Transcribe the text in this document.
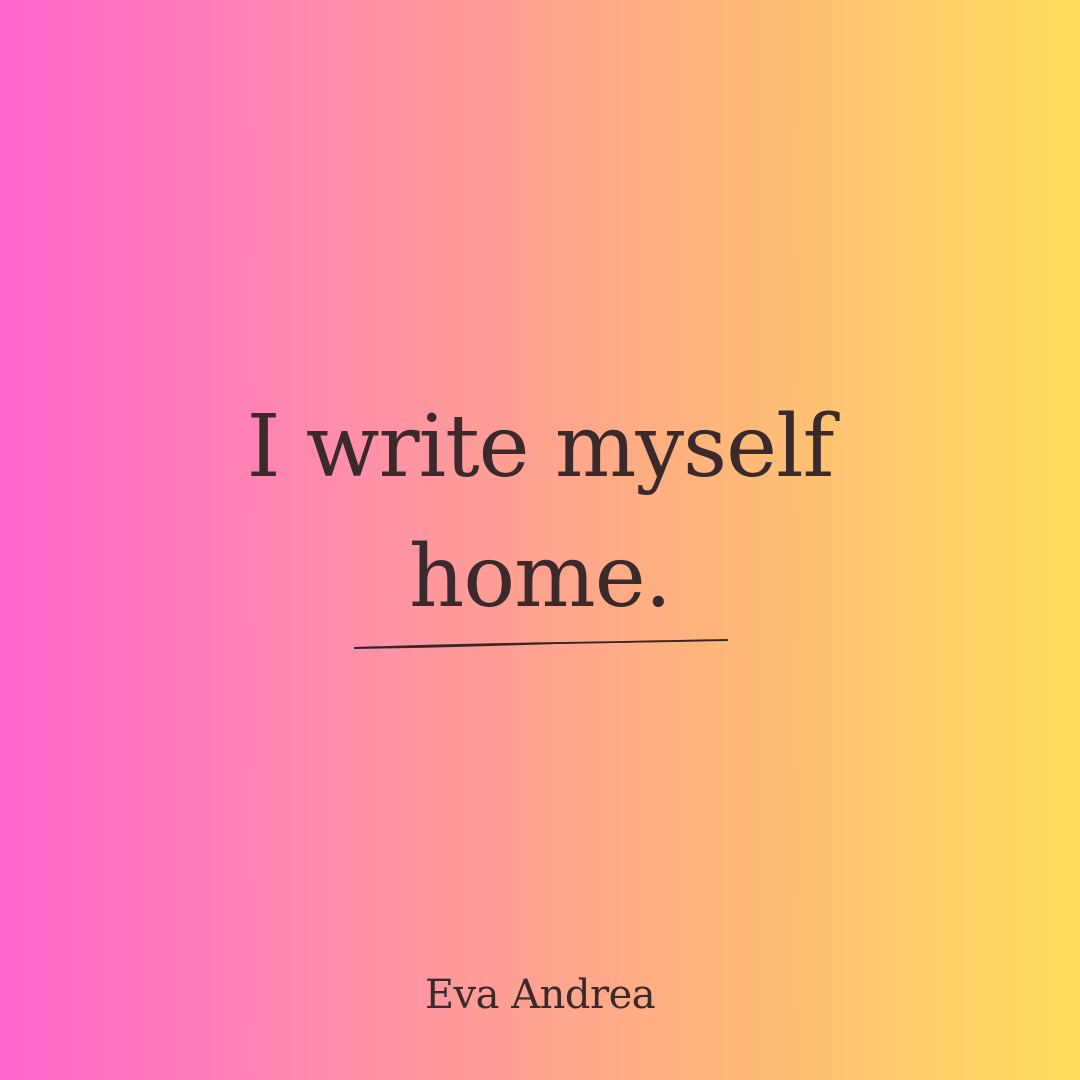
I write myself
home.
Eva Andrea
